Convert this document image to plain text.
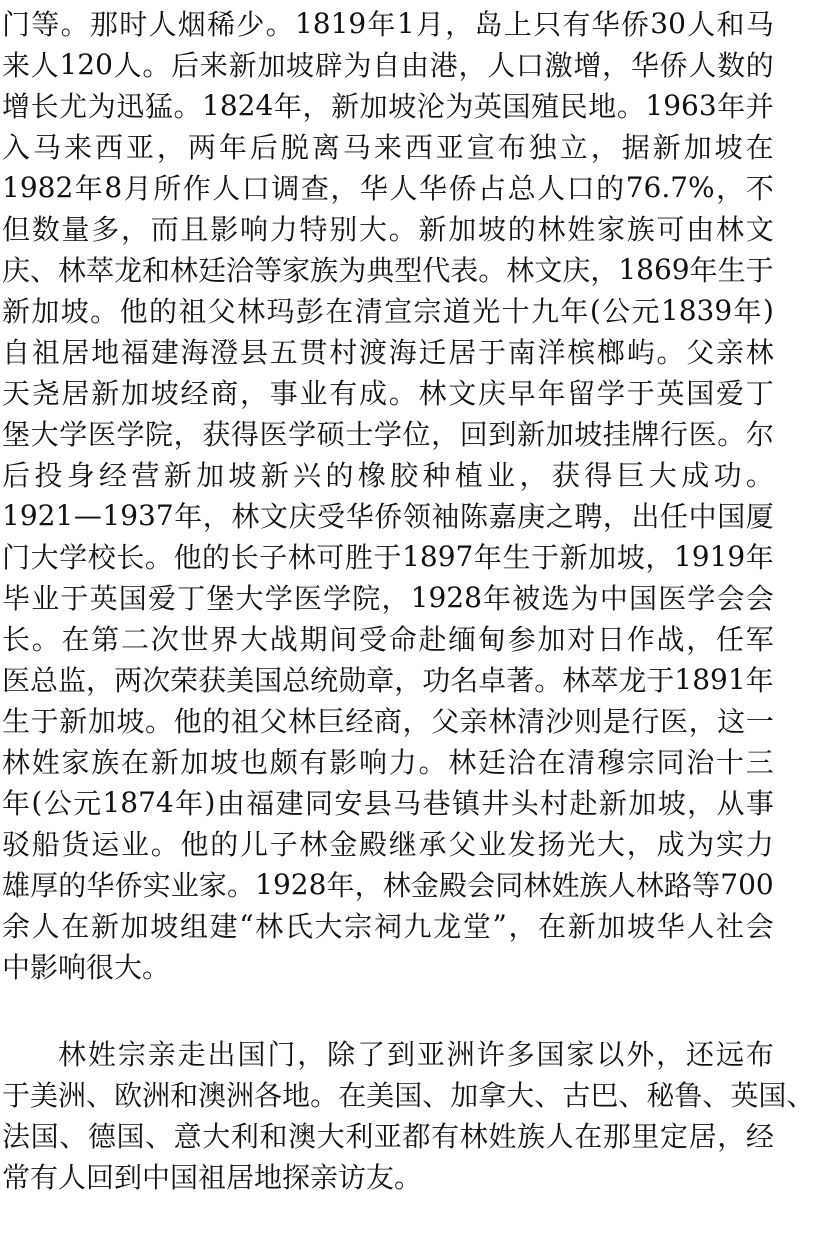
门 等 。 那 时 人 烟 稀 少 。 1819 年 1 月 ， 岛 上 只 有 华 侨 30 人 和 马
来 人 120 人 。 后 来 新 加 坡 辟 为 自 由 港 ， 人 口 激 增 ， 华 侨 人 数 的
增 长 尤 为 迅 猛 。 1824 年 ， 新 加 坡 沦 为 英 国 殖 民 地 。 1963 年 并
入 马 来 西 亚 ， 两 年 后 脱 离 马 来 西 亚 宣 布 独 立 ， 据 新 加 坡 在
1982 年 8 月 所 作 人 口 调 查 ， 华 人 华 侨 占 总 人 口 的 76.7% ， 不
但 数 量 多 ， 而 且 影 响 力 特 别 大 。 新 加 坡 的 林 姓 家 族 可 由 林 文
庆 、 林 萃 龙 和 林 廷 洽 等 家 族 为 典 型 代 表 。 林 文 庆 ， 1869 年 生 于
新 加 坡 。 他 的 祖 父 林 玛 彭 在 清 宣 宗 道 光 十 九 年 ( 公 元 1839 年 )
自 祖 居 地 福 建 海 澄 县 五 贯 村 渡 海 迁 居 于 南 洋 槟 榔 屿 。 父 亲 林
天 尧 居 新 加 坡 经 商 ， 事 业 有 成 。 林 文 庆 早 年 留 学 于 英 国 爱 丁
堡 大 学 医 学 院 ， 获 得 医 学 硕 士 学 位 ， 回 到 新 加 坡 挂 牌 行 医 。 尔
后 投 身 经 营 新 加 坡 新 兴 的 橡 胶 种 植 业 ， 获 得 巨 大 成 功 。
1921 — 1937 年 ， 林 文 庆 受 华 侨 领 袖 陈 嘉 庚 之 聘 ， 出 任 中 国 厦
门 大 学 校 长 。 他 的 长 子 林 可 胜 于 1897 年 生 于 新 加 坡 ， 1919 年
毕 业 于 英 国 爱 丁 堡 大 学 医 学 院 ， 1928 年 被 选 为 中 国 医 学 会 会
长 。 在 第 二 次 世 界 大 战 期 间 受 命 赴 缅 甸 参 加 对 日 作 战 ， 任 军
医 总 监 ， 两 次 荣 获 美 国 总 统 勋 章 ， 功 名 卓 著 。 林 萃 龙 于 1891 年
生 于 新 加 坡 。 他 的 祖 父 林 巨 经 商 ， 父 亲 林 清 沙 则 是 行 医 ， 这 一
林 姓 家 族 在 新 加 坡 也 颇 有 影 响 力 。 林 廷 洽 在 清 穆 宗 同 治 十 三
年 ( 公 元 1874 年 ) 由 福 建 同 安 县 马 巷 镇 井 头 村 赴 新 加 坡 ， 从 事
驳 船 货 运 业 。 他 的 儿 子 林 金 殿 继 承 父 业 发 扬 光 大 ， 成 为 实 力
雄 厚 的 华 侨 实 业 家 。 1928 年 ， 林 金 殿 会 同 林 姓 族 人 林 路 等 700
余 人 在 新 加 坡 组 建 “ 林 氏 大 宗 祠 九 龙 堂 ” ， 在 新 加 坡 华 人 社 会
中影响很大。
林 姓 宗 亲 走 出 国 门 ， 除 了 到 亚 洲 许 多 国 家 以 外 ， 还 远 布
于 美 洲 、 欧 洲 和 澳 洲 各 地 。 在 美 国 、 加 拿 大 、 古 巴 、 秘 鲁 、 英 国 、
法 国 、 德 国 、 意 大 利 和 澳 大 利 亚 都 有 林 姓 族 人 在 那 里 定 居 ， 经
常有人回到中国祖居地探亲访友。
